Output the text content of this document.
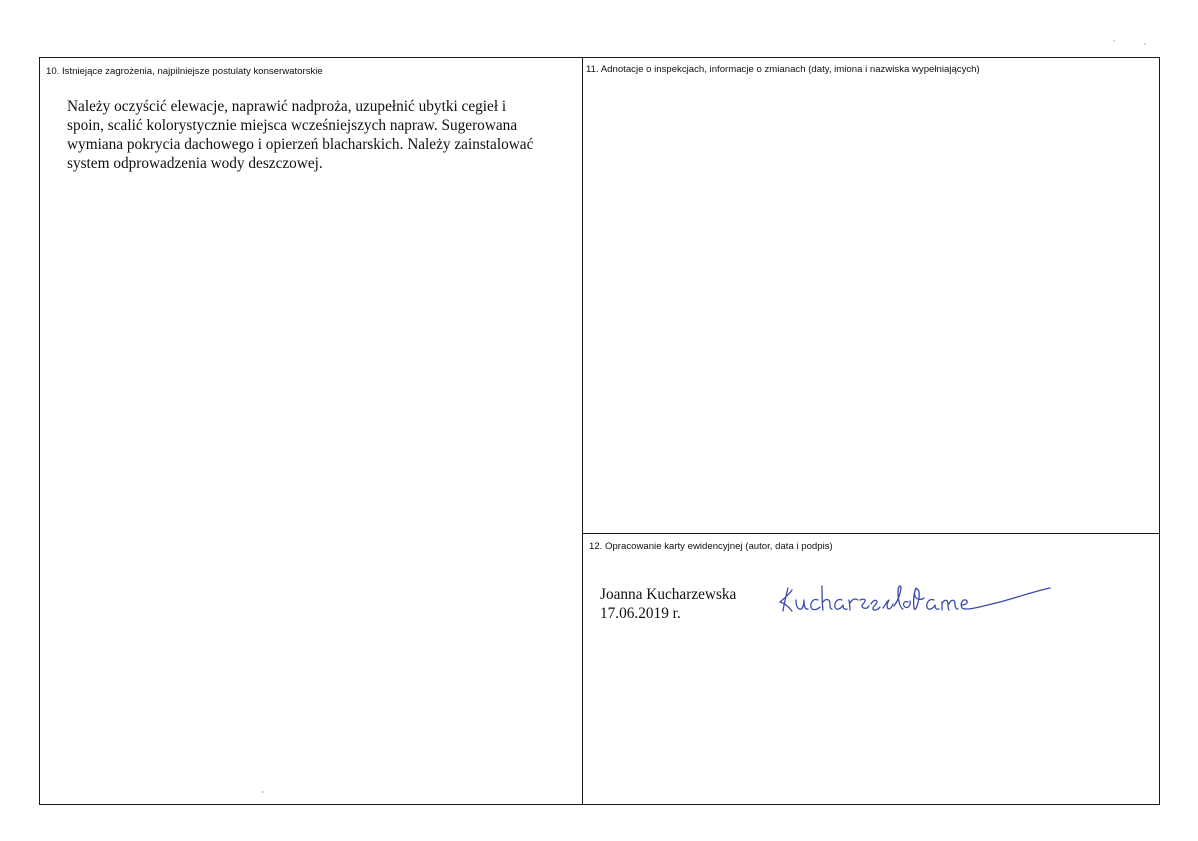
10. Istniejące zagrożenia, najpilniejsze postulaty konserwatorskie
Należy oczyścić elewacje, naprawić nadproża, uzupełnić ubytki cegieł i
spoin, scalić kolorystycznie miejsca wcześniejszych napraw. Sugerowana
wymiana pokrycia dachowego i opierzeń blacharskich. Należy zainstalować
system odprowadzenia wody deszczowej.
11. Adnotacje o inspekcjach, informacje o zmianach (daty, imiona i nazwiska wypełniających)
12. Opracowanie karty ewidencyjnej (autor, data i podpis)
Joanna Kucharzewska
17.06.2019 r.
